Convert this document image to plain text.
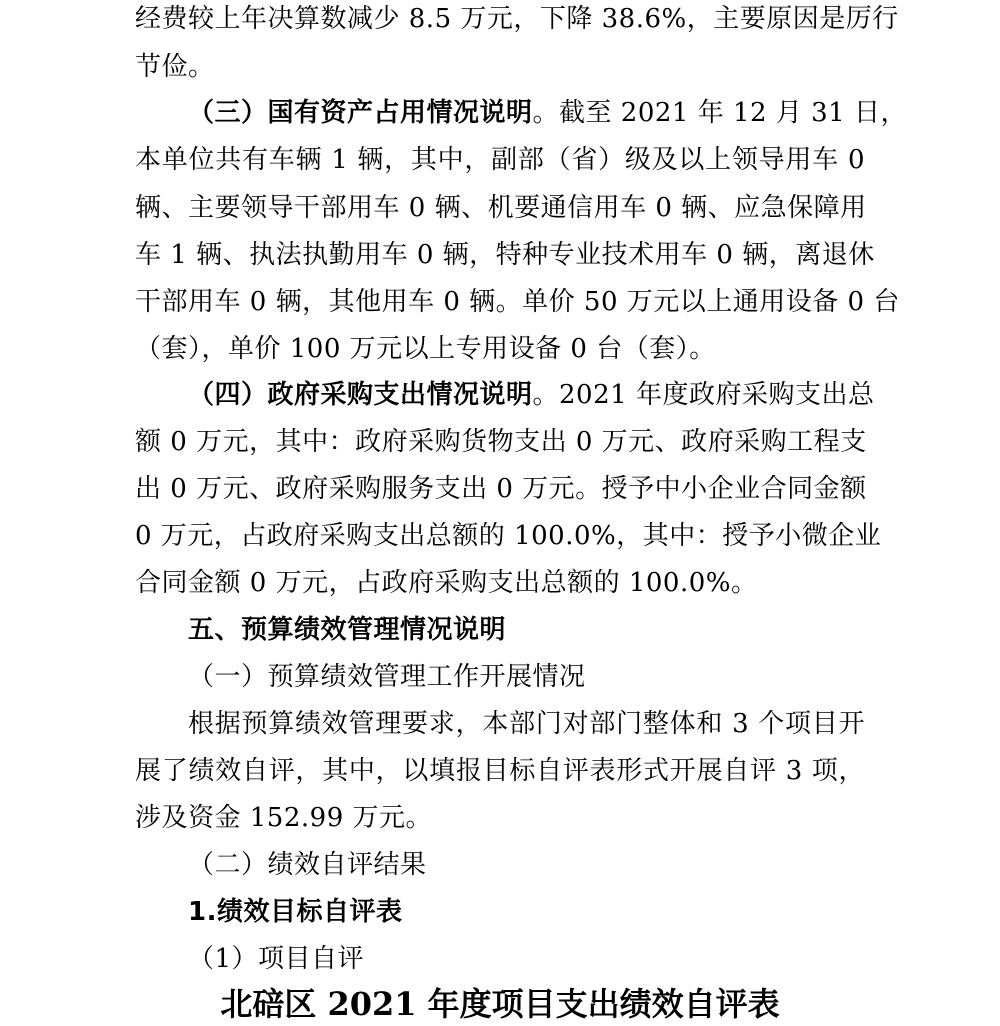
经费较上年决算数减少 8.5 万元，下降 38.6%，主要原因是厉行
节俭。
（三）国有资产占用情况说明。截至 2021 年 12 月 31 日，
本单位共有车辆 1 辆，其中，副部（省）级及以上领导用车 0
辆、主要领导干部用车 0 辆、机要通信用车 0 辆、应急保障用
车 1 辆、执法执勤用车 0 辆，特种专业技术用车 0 辆，离退休
干部用车 0 辆，其他用车 0 辆。单价 50 万元以上通用设备 0 台
（套），单价 100 万元以上专用设备 0 台（套）。
（四）政府采购支出情况说明。2021 年度政府采购支出总
额 0 万元，其中：政府采购货物支出 0 万元、政府采购工程支
出 0 万元、政府采购服务支出 0 万元。授予中小企业合同金额
0 万元，占政府采购支出总额的 100.0%，其中：授予小微企业
合同金额 0 万元，占政府采购支出总额的 100.0%。
五、预算绩效管理情况说明
（一）预算绩效管理工作开展情况
根据预算绩效管理要求，本部门对部门整体和 3 个项目开
展了绩效自评，其中，以填报目标自评表形式开展自评 3 项，
涉及资金 152.99 万元。
（二）绩效自评结果
1.绩效目标自评表
（1）项目自评
北碚区 2021 年度项目支出绩效自评表
